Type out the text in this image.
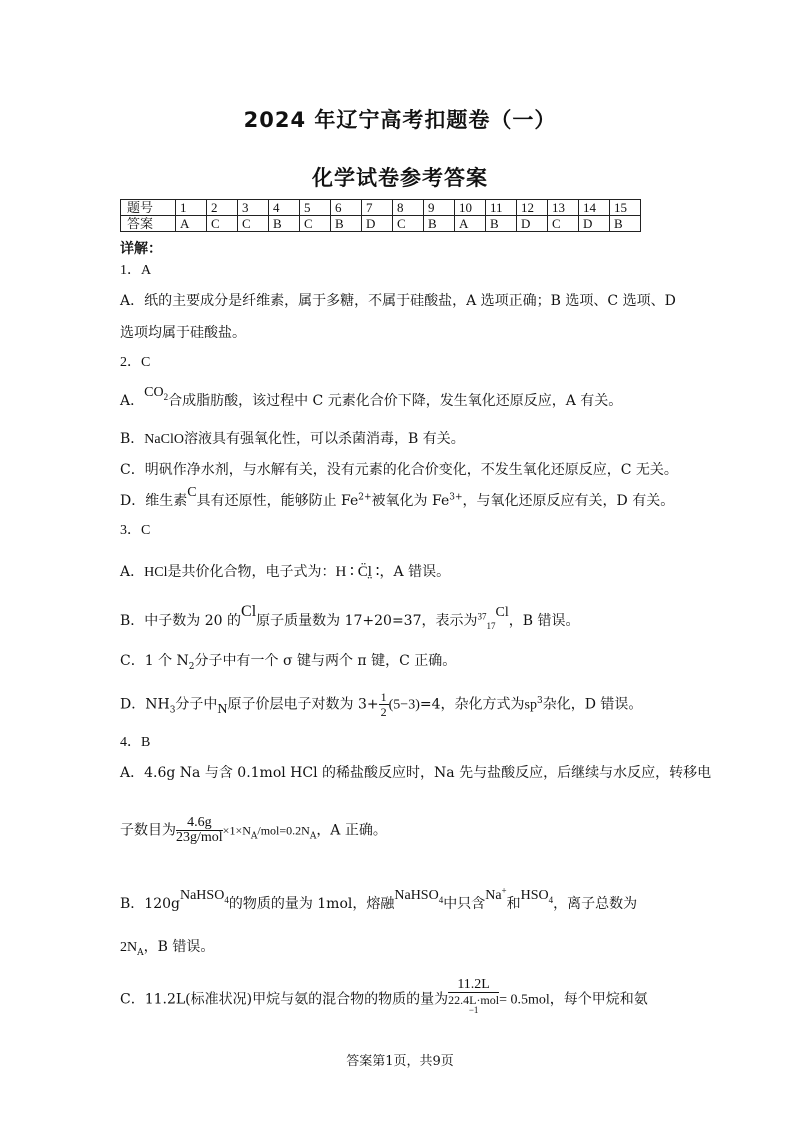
2024 年辽宁高考扣题卷（一）
化学试卷参考答案
题号	1	2	3	4	5	6	7	8	9	10	11	12	13	14	15
答案	A	C	C	B	C	B	D	C	B	A	B	D	C	D	B
详解：
1．A
A．纸的主要成分是纤维素，属于多糖，不属于硅酸盐，A 选项正确；B 选项、C 选项、D
选项均属于硅酸盐。
2．C
A．$CO_2$合成脂肪酸，该过程中 C 元素化合价下降，发生氧化还原反应，A 有关。
B．NaClO溶液具有强氧化性，可以杀菌消毒，B 有关。
C．明矾作净水剂，与水解有关，没有元素的化合价变化，不发生氧化还原反应，C 无关。
D．维生素C具有还原性，能够防止 $Fe^{2+}$被氧化为 $Fe^{3+}$，与氧化还原反应有关，D 有关。
3．C
A．HCl是共价化合物，电子式为：H ∶ C̈l̤ ∶，A 错误。
B．中子数为 20 的Cl原子质量数为 17+20=37，表示为$^{37}_{17}$Cl，B 错误。
C．1 个 $N_2$分子中有一个 σ 键与两个 π 键，C 正确。
D．$NH_3$分子中N原子价层电子对数为 $3+ \frac{1}{2} (5-3)=4$，杂化方式为$sp^3$杂化，D 错误。
4．B
A．4.6g Na 与含 0.1mol HCl 的稀盐酸反应时，Na 先与盐酸反应，后继续与水反应，转移电
子数目为 $\frac{4.6g}{\text{23g/mol}} \times 1\times N_A/mol=0.2N_A$，A 正确。
B．120gNaHSO$_4$的物质的量为 1mol，熔融NaHSO$_4$中只含Na+和$HSO_4$，离子总数为
$2N_A$，B 错误。
C．11.2L(标准状况)甲烷与氨的混合物的物质的量为 11.2L
22.4L·mol
$^{-1}$ = 0.5mol，每个甲烷和氨
答案第1页，共9页
